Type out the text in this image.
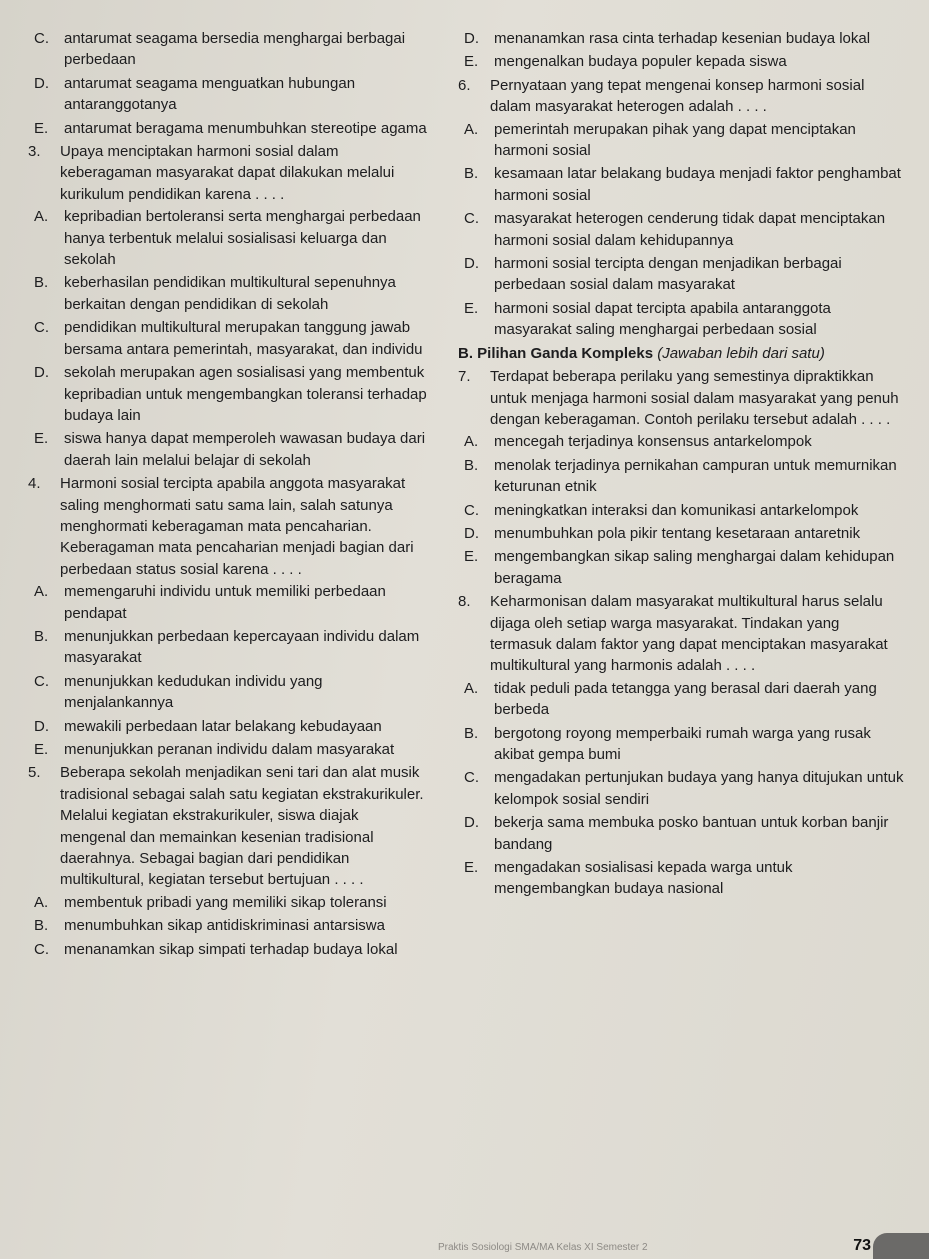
C.	antarumat seagama bersedia menghargai berbagai perbedaan
D.	antarumat seagama menguatkan hubungan antaranggotanya
E.	antarumat beragama menumbuhkan stereotipe agama
3.	Upaya menciptakan harmoni sosial dalam keberagaman masyarakat dapat dilakukan melalui kurikulum pendidikan karena . . . .
A.	kepribadian bertoleransi serta menghargai perbedaan hanya terbentuk melalui sosialisasi keluarga dan sekolah
B.	keberhasilan pendidikan multikultural sepenuhnya berkaitan dengan pendidikan di sekolah
C.	pendidikan multikultural merupakan tanggung jawab bersama antara pemerintah, masyarakat, dan individu
D.	sekolah merupakan agen sosialisasi yang membentuk kepribadian untuk mengembangkan toleransi terhadap budaya lain
E.	siswa hanya dapat memperoleh wawasan budaya dari daerah lain melalui belajar di sekolah
4.	Harmoni sosial tercipta apabila anggota masyarakat saling menghormati satu sama lain, salah satunya menghormati keberagaman mata pencaharian. Keberagaman mata pencaharian menjadi bagian dari perbedaan status sosial karena . . . .
A.	memengaruhi individu untuk memiliki perbedaan pendapat
B.	menunjukkan perbedaan kepercayaan individu dalam masyarakat
C.	menunjukkan kedudukan individu yang menjalankannya
D.	mewakili perbedaan latar belakang kebudayaan
E.	menunjukkan peranan individu dalam masyarakat
5.	Beberapa sekolah menjadikan seni tari dan alat musik tradisional sebagai salah satu kegiatan ekstrakurikuler. Melalui kegiatan ekstrakurikuler, siswa diajak mengenal dan memainkan kesenian tradisional daerahnya. Sebagai bagian dari pendidikan multikultural, kegiatan tersebut bertujuan . . . .
A.	membentuk pribadi yang memiliki sikap toleransi
B.	menumbuhkan sikap antidiskriminasi antarsiswa
C.	menanamkan sikap simpati terhadap budaya lokal
D.	menanamkan rasa cinta terhadap kesenian budaya lokal
E.	mengenalkan budaya populer kepada siswa
6.	Pernyataan yang tepat mengenai konsep harmoni sosial dalam masyarakat heterogen adalah . . . .
A.	pemerintah merupakan pihak yang dapat menciptakan harmoni sosial
B.	kesamaan latar belakang budaya menjadi faktor penghambat harmoni sosial
C.	masyarakat heterogen cenderung tidak dapat menciptakan harmoni sosial dalam kehidupannya
D.	harmoni sosial tercipta dengan menjadikan berbagai perbedaan sosial dalam masyarakat
E.	harmoni sosial dapat tercipta apabila antaranggota masyarakat saling menghargai perbedaan sosial
B. Pilihan Ganda Kompleks
(Jawaban lebih dari satu)
7.	Terdapat beberapa perilaku yang semestinya dipraktikkan untuk menjaga harmoni sosial dalam masyarakat yang penuh dengan keberagaman. Contoh perilaku tersebut adalah . . . .
A.	mencegah terjadinya konsensus antarkelompok
B.	menolak terjadinya pernikahan campuran untuk memurnikan keturunan etnik
C.	meningkatkan interaksi dan komunikasi antarkelompok
D.	menumbuhkan pola pikir tentang kesetaraan antaretnik
E.	mengembangkan sikap saling menghargai dalam kehidupan beragama
8.	Keharmonisan dalam masyarakat multikultural harus selalu dijaga oleh setiap warga masyarakat. Tindakan yang termasuk dalam faktor yang dapat menciptakan masyarakat multikultural yang harmonis adalah . . . .
A.	tidak peduli pada tetangga yang berasal dari daerah yang berbeda
B.	bergotong royong memperbaiki rumah warga yang rusak akibat gempa bumi
C.	mengadakan pertunjukan budaya yang hanya ditujukan untuk kelompok sosial sendiri
D.	bekerja sama membuka posko bantuan untuk korban banjir bandang
E.	mengadakan sosialisasi kepada warga untuk mengembangkan budaya nasional
Praktis Sosiologi SMA/MA Kelas XI Semester 2	73
